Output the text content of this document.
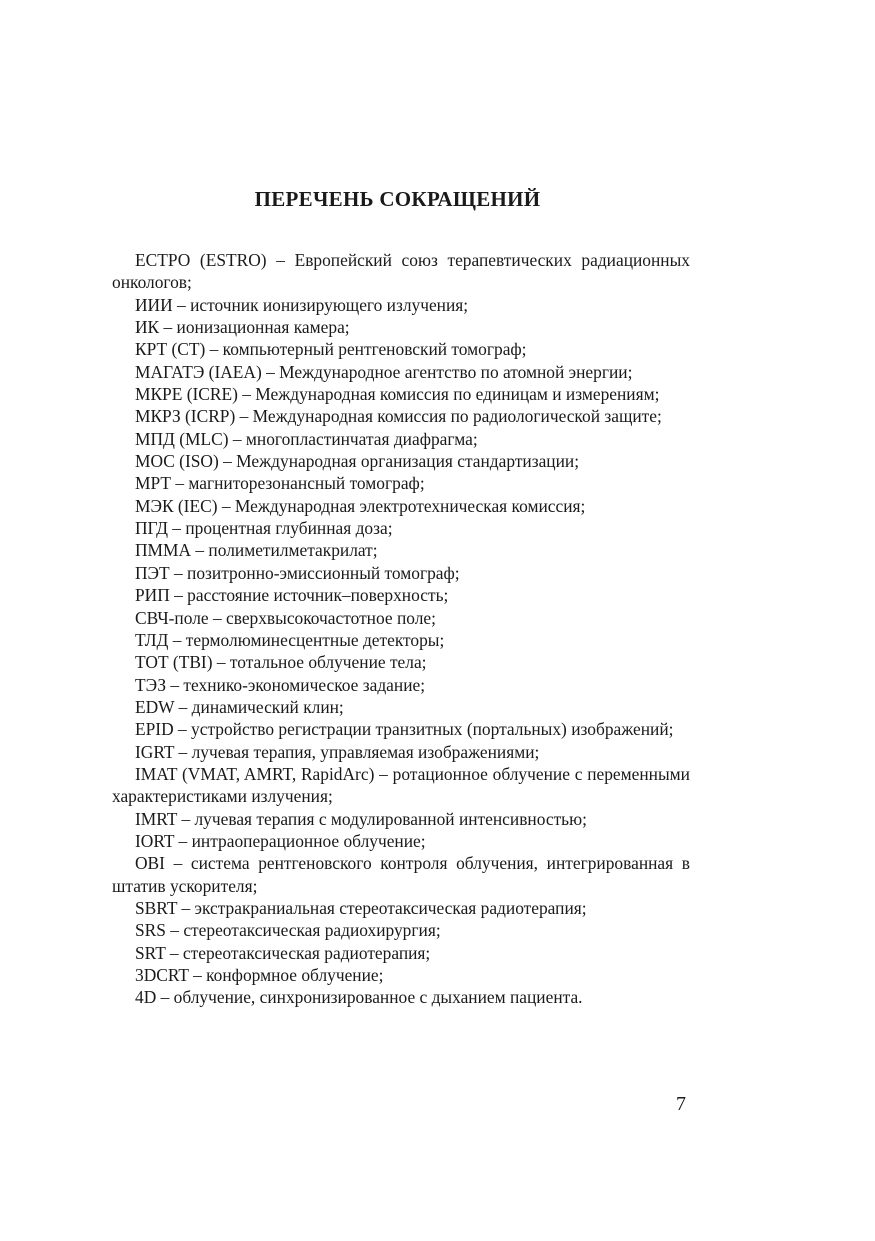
ПЕРЕЧЕНЬ СОКРАЩЕНИЙ
ЕСТРО (ESTRO) – Европейский союз терапевтических радиационных онкологов;
ИИИ – источник ионизирующего излучения;
ИК – ионизационная камера;
КРТ (СТ) – компьютерный рентгеновский томограф;
МАГАТЭ (IAEA) – Международное агентство по атомной энергии;
МКРЕ (ICRE) – Международная комиссия по единицам и измерениям;
МКРЗ (ICRP) – Международная комиссия по радиологической защите;
МПД (MLC) – многопластинчатая диафрагма;
МОС (ISO) – Международная организация стандартизации;
МРТ – магниторезонансный томограф;
МЭК (IEC) – Международная электротехническая комиссия;
ПГД – процентная глубинная доза;
ПММА – полиметилметакрилат;
ПЭТ – позитронно-эмиссионный томограф;
РИП – расстояние источник–поверхность;
СВЧ-поле – сверхвысокочастотное поле;
ТЛД – термолюминесцентные детекторы;
ТОТ (TBI) – тотальное облучение тела;
ТЭЗ – технико-экономическое задание;
EDW – динамический клин;
EPID – устройство регистрации транзитных (портальных) изображений;
IGRT – лучевая терапия, управляемая изображениями;
IMAT (VMAT, AMRT, RapidArc) – ротационное облучение с переменными характеристиками излучения;
IMRT – лучевая терапия с модулированной интенсивностью;
IORT – интраоперационное облучение;
OBI – система рентгеновского контроля облучения, интегрированная в штатив ускорителя;
SBRT – экстракраниальная стереотаксическая радиотерапия;
SRS – стереотаксическая радиохирургия;
SRT – стереотаксическая радиотерапия;
3DCRT – конформное облучение;
4D – облучение, синхронизированное с дыханием пациента.
7
